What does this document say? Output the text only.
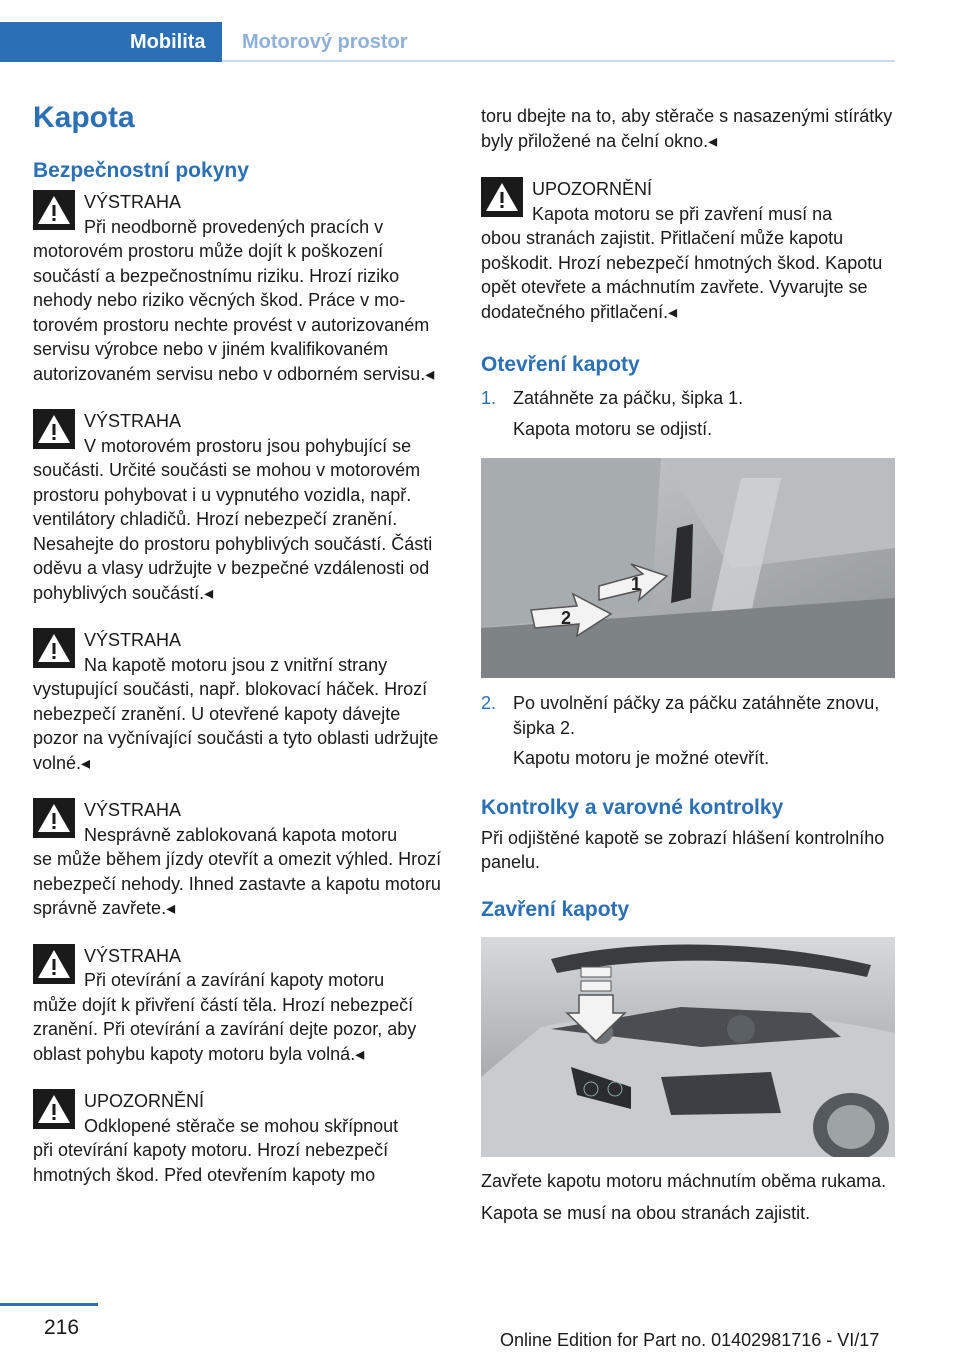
Mobilita	Motorový prostor
Kapota
Bezpečnostní pokyny
VÝSTRAHA

Při neodborně provedených pracích v

motorovém prostoru může dojít k poškození součástí a bezpečnostnímu riziku. Hrozí riziko nehody nebo riziko věcných škod. Práce v motorovém prostoru nechte provést v autorizovaném servisu výrobce nebo v jiném kvalifikovaném autorizovaném servisu nebo v odborném servisu.◂

VÝSTRAHA

V motorovém prostoru jsou pohybující se

součásti. Určité součásti se mohou v motorovém prostoru pohybovat i u vypnutého vozidla, např. ventilátory chladičů. Hrozí nebezpečí zranění. Nesahejte do prostoru pohyblivých součástí. Části oděvu a vlasy udržujte v bezpečné vzdálenosti od pohyblivých součástí.◂

VÝSTRAHA

Na kapotě motoru jsou z vnitřní strany

vystupující součásti, např. blokovací háček. Hrozí nebezpečí zranění. U otevřené kapoty dávejte pozor na vyčnívající součásti a tyto oblasti udržujte volné.◂

VÝSTRAHA

Nesprávně zablokovaná kapota motoru

se může během jízdy otevřít a omezit výhled. Hrozí nebezpečí nehody. Ihned zastavte a kapotu motoru správně zavřete.◂

VÝSTRAHA

Při otevírání a zavírání kapoty motoru

může dojít k přivření částí těla. Hrozí nebezpečí zranění. Při otevírání a zavírání dejte pozor, aby oblast pohybu kapoty motoru byla volná.◂

UPOZORNĚNÍ

Odklopené stěrače se mohou skřípnout

při otevírání kapoty motoru. Hrozí nebezpečí hmotných škod. Před otevřením kapoty mo

toru dbejte na to, aby stěrače s nasazenými stírátky byly přiložené na čelní okno.◂

UPOZORNĚNÍ

Kapota motoru se při zavření musí na

obou stranách zajistit. Přitlačení může kapotu poškodit. Hrozí nebezpečí hmotných škod. Kapotu opět otevřete a máchnutím zavřete. Vyvarujte se dodatečného přitlačení.◂

Otevření kapoty
1. Zatáhněte za páčku, šipka 1.

Kapota motoru se odjistí.

1
2
2. Po uvolnění páčky za páčku zatáhněte znovu, šipka 2.

Kapotu motoru je možné otevřít.

Kontrolky a varovné kontrolky

Při odjištěné kapotě se zobrazí hlášení kontrolního panelu.

Zavření kapoty

Zavřete kapotu motoru máchnutím oběma rukama.

Kapota se musí na obou stranách zajistit.

216
Online Edition for Part no. 01402981716 - VI/17
